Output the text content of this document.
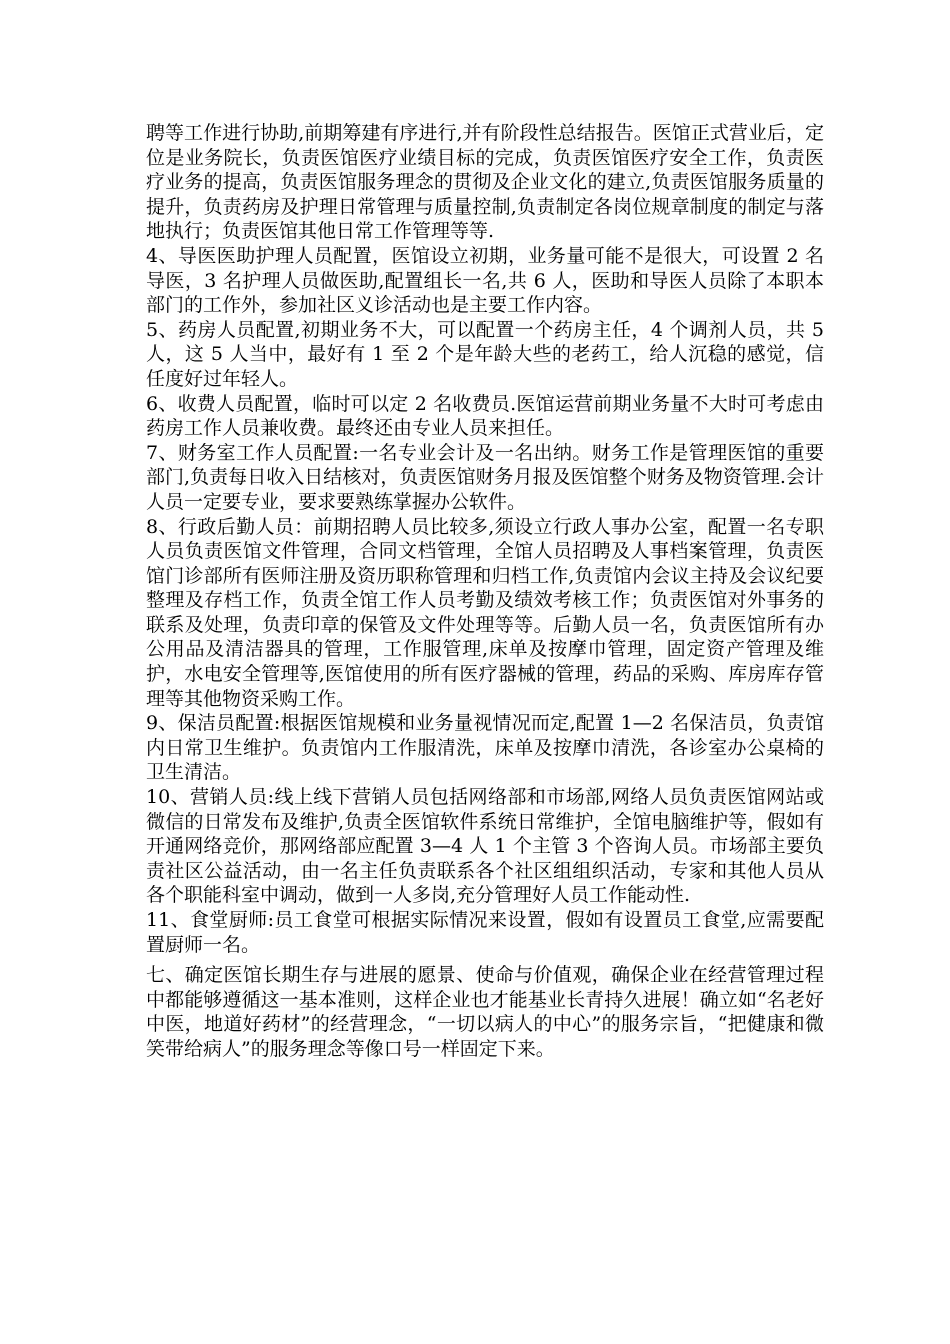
聘等工作进行协助,前期筹建有序进行,并有阶段性总结报告。医馆正式营业后，定位是业务院长，负责医馆医疗业绩目标的完成，负责医馆医疗安全工作，负责医疗业务的提高，负责医馆服务理念的贯彻及企业文化的建立,负责医馆服务质量的提升，负责药房及护理日常管理与质量控制,负责制定各岗位规章制度的制定与落地执行；负责医馆其他日常工作管理等等.

4、导医医助护理人员配置，医馆设立初期，业务量可能不是很大，可设置 2 名导医，3 名护理人员做医助,配置组长一名,共 6 人，医助和导医人员除了本职本部门的工作外，参加社区义诊活动也是主要工作内容。

5、药房人员配置,初期业务不大，可以配置一个药房主任，4 个调剂人员，共 5 人，这 5 人当中，最好有 1 至 2 个是年龄大些的老药工，给人沉稳的感觉，信任度好过年轻人。

6、收费人员配置，临时可以定 2 名收费员.医馆运营前期业务量不大时可考虑由药房工作人员兼收费。最终还由专业人员来担任。

7、财务室工作人员配置:一名专业会计及一名出纳。财务工作是管理医馆的重要部门,负责每日收入日结核对，负责医馆财务月报及医馆整个财务及物资管理.会计人员一定要专业，要求要熟练掌握办公软件。

8、行政后勤人员：前期招聘人员比较多,须设立行政人事办公室，配置一名专职人员负责医馆文件管理，合同文档管理，全馆人员招聘及人事档案管理，负责医馆门诊部所有医师注册及资历职称管理和归档工作,负责馆内会议主持及会议纪要整理及存档工作，负责全馆工作人员考勤及绩效考核工作；负责医馆对外事务的联系及处理，负责印章的保管及文件处理等等。后勤人员一名，负责医馆所有办公用品及清洁器具的管理，工作服管理,床单及按摩巾管理，固定资产管理及维护，水电安全管理等,医馆使用的所有医疗器械的管理，药品的采购、库房库存管理等其他物资采购工作。

9、保洁员配置:根据医馆规模和业务量视情况而定,配置 1—2 名保洁员，负责馆内日常卫生维护。负责馆内工作服清洗，床单及按摩巾清洗，各诊室办公桌椅的卫生清洁。

10、营销人员:线上线下营销人员包括网络部和市场部,网络人员负责医馆网站或微信的日常发布及维护,负责全医馆软件系统日常维护，全馆电脑维护等，假如有开通网络竞价，那网络部应配置 3—4 人 1 个主管 3 个咨询人员。市场部主要负责社区公益活动，由一名主任负责联系各个社区组组织活动，专家和其他人员从各个职能科室中调动，做到一人多岗,充分管理好人员工作能动性.

11、食堂厨师:员工食堂可根据实际情况来设置，假如有设置员工食堂,应需要配置厨师一名。

七、确定医馆长期生存与进展的愿景、使命与价值观，确保企业在经营管理过程中都能够遵循这一基本准则，这样企业也才能基业长青持久进展！确立如“名老好中医，地道好药材”的经营理念，“一切以病人的中心”的服务宗旨，“把健康和微笑带给病人”的服务理念等像口号一样固定下来。
